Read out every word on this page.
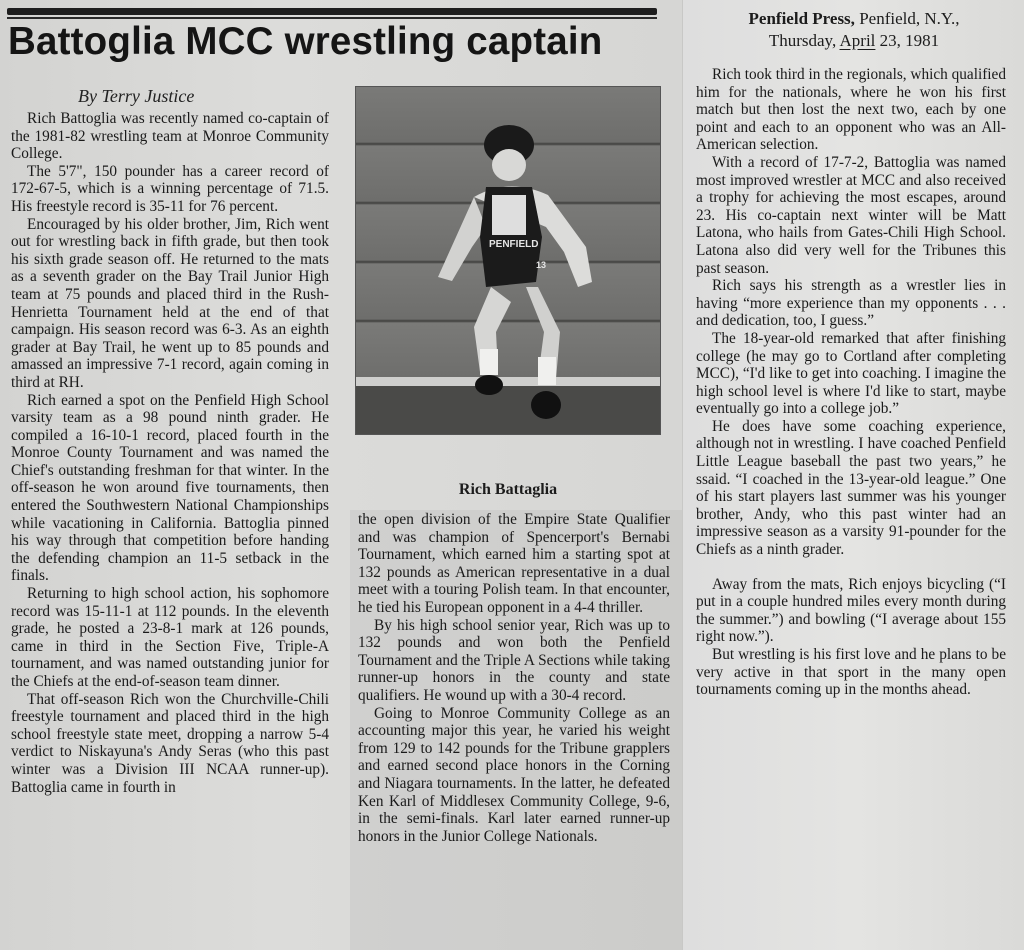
Battoglia MCC wrestling captain
By Terry Justice
Penfield Press, Penfield, N.Y.,
Thursday, April 23, 1981
PENFIELD
13
Rich Battaglia

Rich Battoglia was recently named co-captain of the 1981-82 wrestling team at Monroe Community College.

The 5'7", 150 pounder has a career record of 172-67-5, which is a winning percentage of 71.5. His freestyle record is 35-11 for 76 percent.

Encouraged by his older brother, Jim, Rich went out for wrestling back in fifth grade, but then took his sixth grade season off. He returned to the mats as a seventh grader on the Bay Trail Junior High team at 75 pounds and placed third in the Rush-Henrietta Tournament held at the end of that campaign. His season record was 6-3. As an eighth grader at Bay Trail, he went up to 85 pounds and amassed an impressive 7-1 record, again coming in third at RH.

Rich earned a spot on the Penfield High School varsity team as a 98 pound ninth grader. He compiled a 16-10-1 record, placed fourth in the Monroe County Tournament and was named the Chief's outstanding freshman for that winter. In the off-season he won around five tournaments, then entered the Southwestern National Championships while vacationing in California. Battoglia pinned his way through that competition before handing the defending champion an 11-5 setback in the finals.

Returning to high school action, his sophomore record was 15-11-1 at 112 pounds. In the eleventh grade, he posted a 23-8-1 mark at 126 pounds, came in third in the Section Five, Triple-A tournament, and was named outstanding junior for the Chiefs at the end-of-season team dinner.

That off-season Rich won the Churchville-Chili freestyle tournament and placed third in the high school freestyle state meet, dropping a narrow 5-4 verdict to Niskayuna's Andy Seras (who this past winter was a Division III NCAA runner-up). Battoglia came in fourth in

the open division of the Empire State Qualifier and was champion of Spencerport's Bernabi Tournament, which earned him a starting spot at 132 pounds as American representative in a dual meet with a touring Polish team. In that encounter, he tied his European opponent in a 4-4 thriller.

By his high school senior year, Rich was up to 132 pounds and won both the Penfield Tournament and the Triple A Sections while taking runner-up honors in the county and state qualifiers. He wound up with a 30-4 record.

Going to Monroe Community College as an accounting major this year, he varied his weight from 129 to 142 pounds for the Tribune grapplers and earned second place honors in the Corning and Niagara tournaments. In the latter, he defeated Ken Karl of Middlesex Community College, 9-6, in the semi-finals. Karl later earned runner-up honors in the Junior College Nationals.

Rich took third in the regionals, which qualified him for the nationals, where he won his first match but then lost the next two, each by one point and each to an opponent who was an All-American selection.

With a record of 17-7-2, Battoglia was named most improved wrestler at MCC and also received a trophy for achieving the most escapes, around 23. His co-captain next winter will be Matt Latona, who hails from Gates-Chili High School. Latona also did very well for the Tribunes this past season.

Rich says his strength as a wrestler lies in having “more experience than my opponents . . . and dedication, too, I guess.”

The 18-year-old remarked that after finishing college (he may go to Cortland after completing MCC), “I'd like to get into coaching. I imagine the high school level is where I'd like to start, maybe eventually go into a college job.”

He does have some coaching experience, although not in wrestling. I have coached Penfield Little League baseball the past two years,” he ssaid. “I coached in the 13-year-old league.” One of his start players last summer was his younger brother, Andy, who this past winter had an impressive season as a varsity 91-pounder for the Chiefs as a ninth grader.

Away from the mats, Rich enjoys bicycling (“I put in a couple hundred miles every month during the summer.”) and bowling (“I average about 155 right now.”).

But wrestling is his first love and he plans to be very active in that sport in the many open tournaments coming up in the months ahead.
